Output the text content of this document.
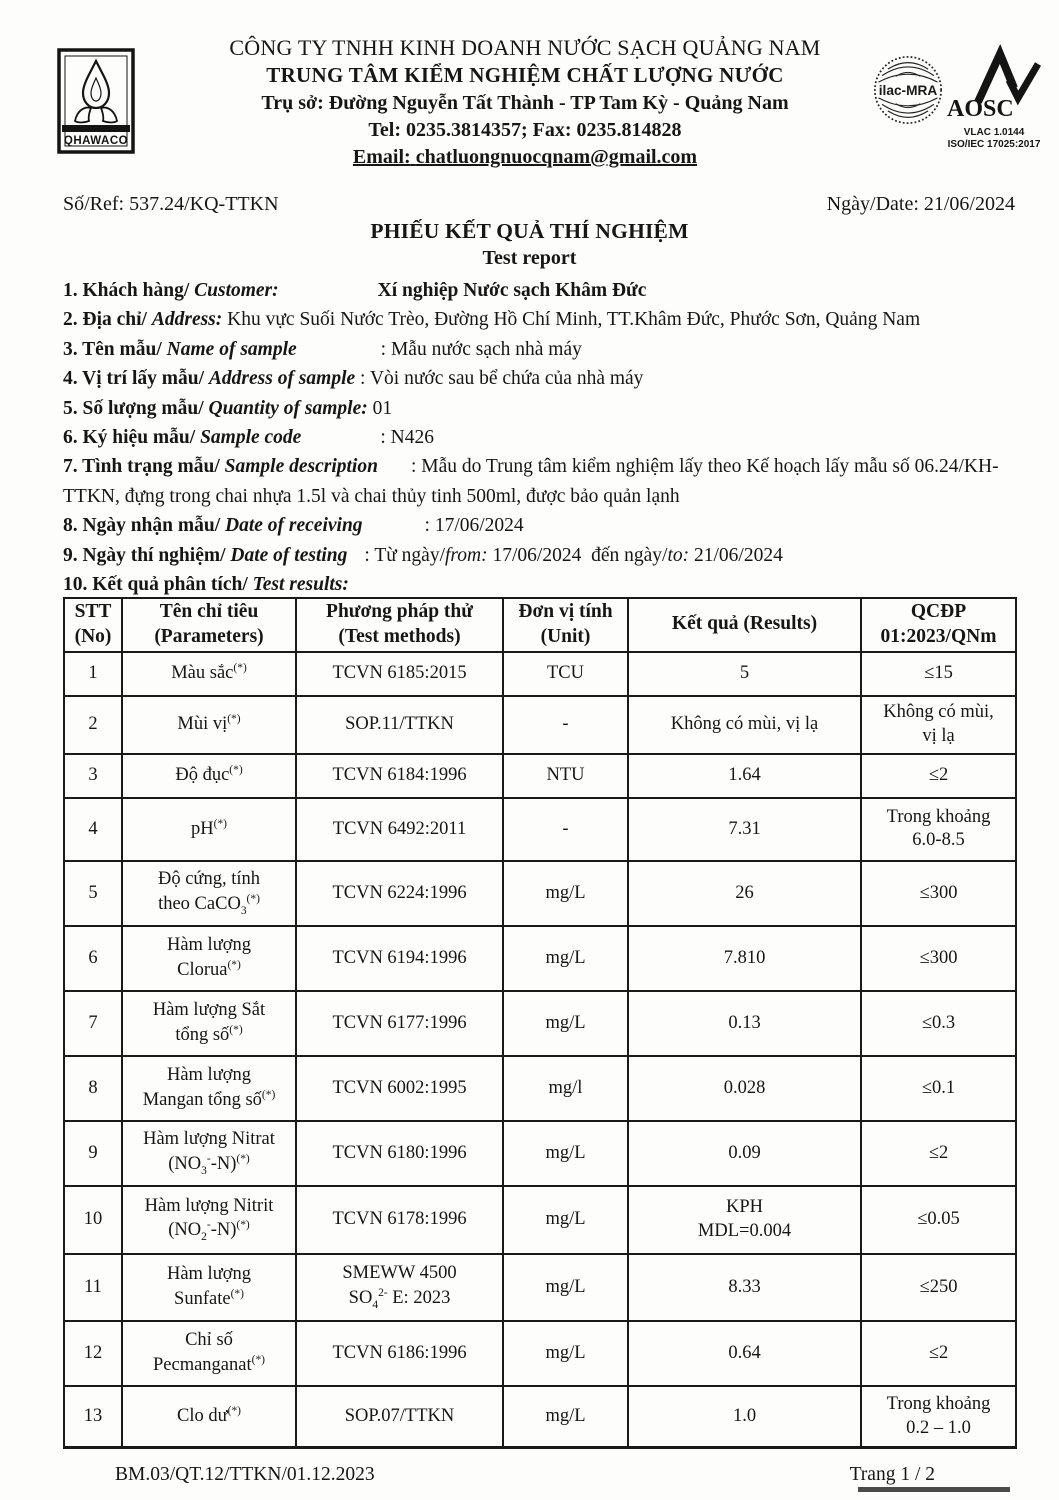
QHAWACO
CÔNG TY TNHH KINH DOANH NƯỚC SẠCH QUẢNG NAM
TRUNG TÂM KIỂM NGHIỆM CHẤT LƯỢNG NƯỚC
Trụ sở: Đường Nguyễn Tất Thành - TP Tam Kỳ - Quảng Nam
Tel: 0235.3814357; Fax: 0235.814828
Email: chatluongnuocqnam@gmail.com
ilac-MRA
AOSC
VLAC 1.0144
ISO/IEC 17025:2017
Số/Ref: 537.24/KQ-TTKN	Ngày/Date: 21/06/2024
PHIẾU KẾT QUẢ THÍ NGHIỆM
Test report
1. Khách hàng/ Customer:	Xí nghiệp Nước sạch Khâm Đức
2. Địa chỉ/ Address: Khu vực Suối Nước Trèo, Đường Hồ Chí Minh, TT.Khâm Đức, Phước Sơn, Quảng Nam
3. Tên mẫu/ Name of sample	: Mẫu nước sạch nhà máy
4. Vị trí lấy mẫu/ Address of sample : Vòi nước sau bể chứa của nhà máy
5. Số lượng mẫu/ Quantity of sample: 01
6. Ký hiệu mẫu/ Sample code	: N426
7. Tình trạng mẫu/ Sample description : Mẫu do Trung tâm kiểm nghiệm lấy theo Kế hoạch lấy mẫu số 06.24/KH-TTKN, đựng trong chai nhựa 1.5l và chai thủy tinh 500ml, được bảo quản lạnh
8. Ngày nhận mẫu/ Date of receiving	: 17/06/2024
9. Ngày thí nghiệm/ Date of testing : Từ ngày/from: 17/06/2024  đến ngày/to: 21/06/2024
10. Kết quả phân tích/ Test results:
STT
(No)	Tên chỉ tiêu
(Parameters)	Phương pháp thử
(Test methods)	Đơn vị tính
(Unit)	Kết quả (Results)	QCĐP
01:2023/QNm
1	Màu sắc(*)	TCVN 6185:2015	TCU	5	≤15
2	Mùi vị(*)	SOP.11/TTKN	-	Không có mùi, vị lạ	Không có mùi,
vị lạ
3	Độ đục(*)	TCVN 6184:1996	NTU	1.64	≤2
4	pH(*)	TCVN 6492:2011	-	7.31	Trong khoảng
6.0-8.5
5	Độ cứng, tính
theo CaCO$_3$(*)	TCVN 6224:1996	mg/L	26	≤300
6	Hàm lượng
Clorua(*)	TCVN 6194:1996	mg/L	7.810	≤300
7	Hàm lượng Sắt
tổng số(*)	TCVN 6177:1996	mg/L	0.13	≤0.3
8	Hàm lượng
Mangan tổng số(*)	TCVN 6002:1995	mg/l	0.028	≤0.1
9	Hàm lượng Nitrat
$(NO_3^--N)^{(*)}$	TCVN 6180:1996	mg/L	0.09	≤2
10	Hàm lượng Nitrit
$(NO_2^--N)^{(*)}$	TCVN 6178:1996	mg/L	KPH
MDL=0.004	≤0.05
11	Hàm lượng
Sunfate(*)	SMEWW 4500
$SO_4^{2-}$ E: 2023	mg/L	8.33	≤250
12	Chỉ số
Pecmanganat(*)	TCVN 6186:1996	mg/L	0.64	≤2
13	Clo dư(*)	SOP.07/TTKN	mg/L	1.0	Trong khoảng
0.2 – 1.0
BM.03/QT.12/TTKN/01.12.2023	Trang 1 / 2
